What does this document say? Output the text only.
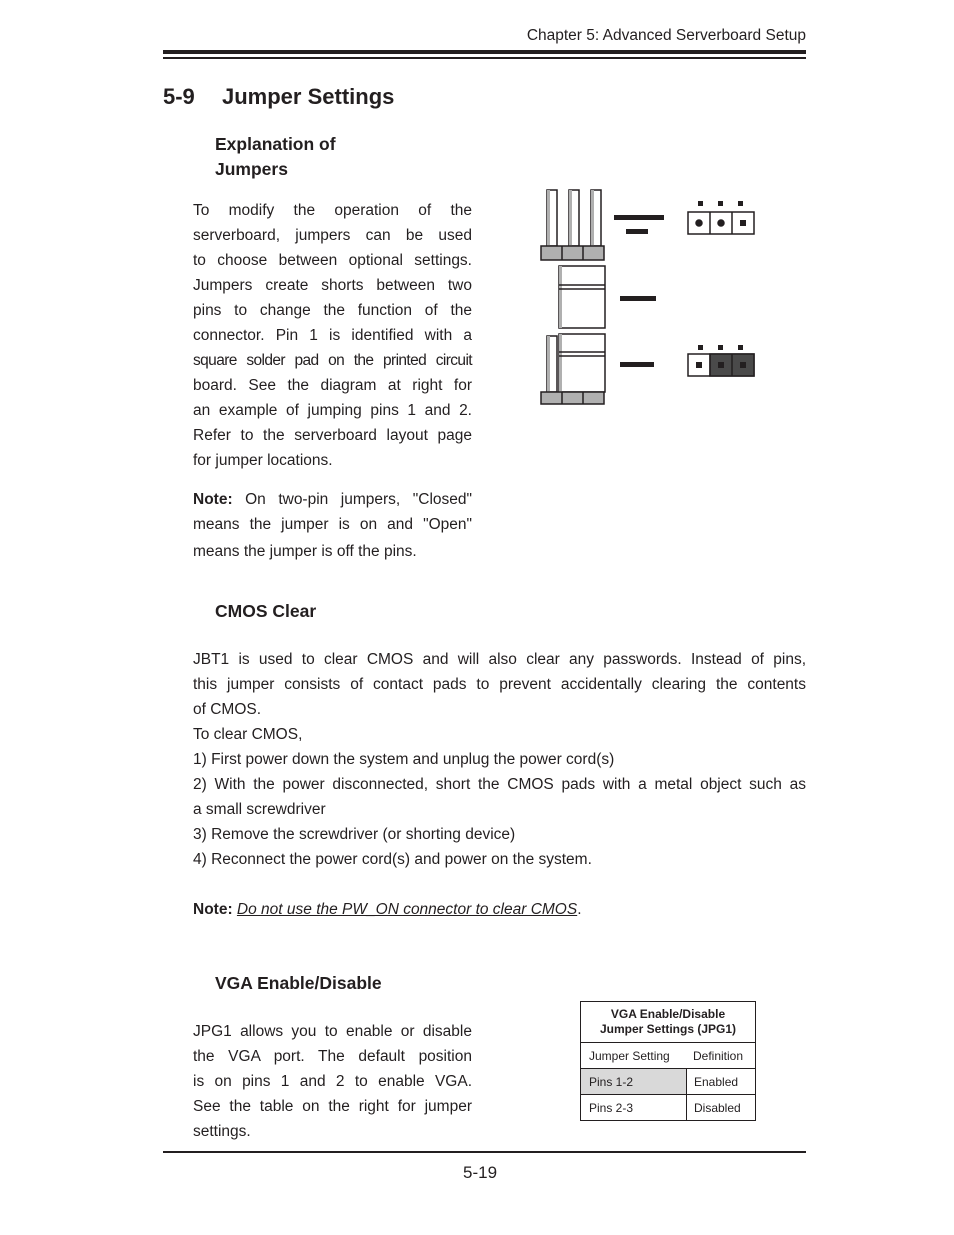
Chapter 5: Advanced Serverboard Setup
5-9 Jumper Settings
Explanation of
Jumpers
To modify the operation of the
serverboard, jumpers can be used
to choose between optional settings.
Jumpers create shorts between two
pins to change the function of the
connector. Pin 1 is identified with a
square solder pad on the printed circuit
board. See the diagram at right for
an example of jumping pins 1 and 2.
Refer to the serverboard layout page
for jumper locations.
Note: On two-pin jumpers, "Closed"
means the jumper is on and "Open"
means the jumper is off the pins.
CMOS Clear
JBT1 is used to clear CMOS and will also clear any passwords. Instead of pins,
this jumper consists of contact pads to prevent accidentally clearing the contents
of CMOS.
To clear CMOS,
1) First power down the system and unplug the power cord(s)
2) With the power disconnected, short the CMOS pads with a metal object such as
a small screwdriver
3) Remove the screwdriver (or shorting device)
4) Reconnect the power cord(s) and power on the system.
Note: Do not use the PW_ON connector to clear CMOS.
VGA Enable/Disable
JPG1 allows you to enable or disable
the VGA port. The default position
is on pins 1 and 2 to enable VGA.
See the table on the right for jumper
settings.
VGA Enable/Disable
Jumper Settings (JPG1)
Jumper Setting	Definition
Pins 1-2	Enabled
Pins 2-3	Disabled
5-19
